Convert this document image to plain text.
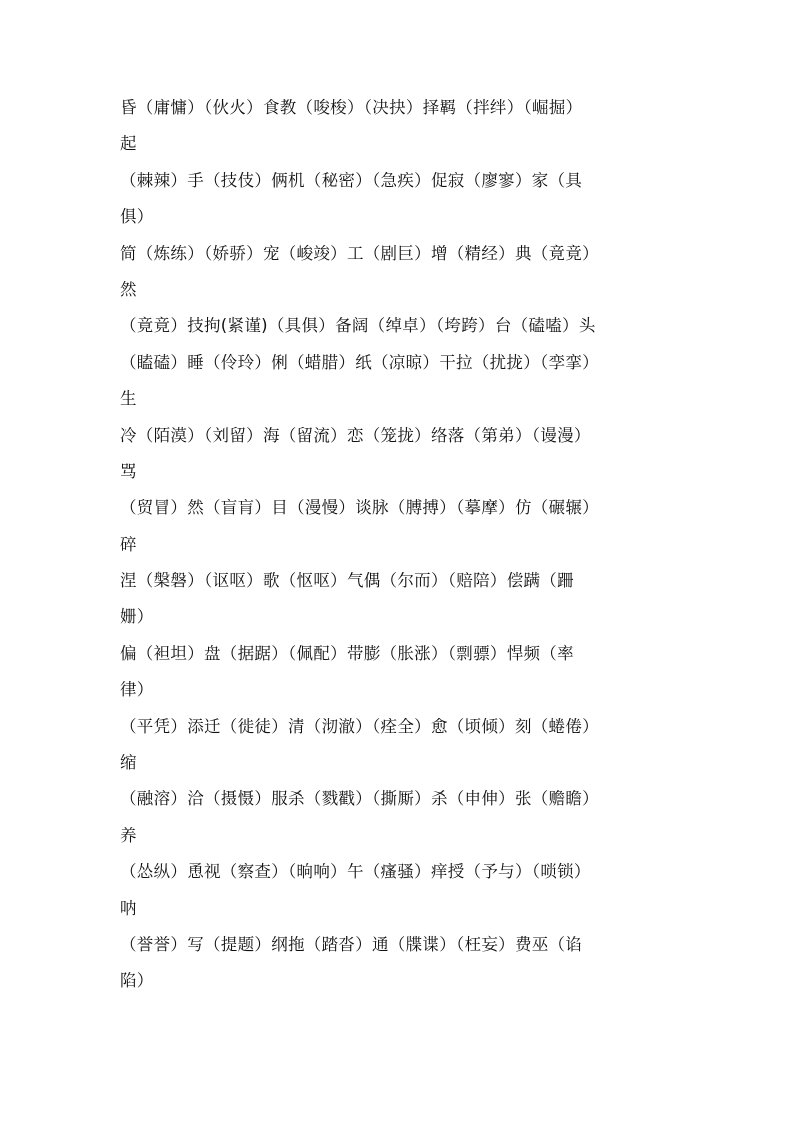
昏（庸慵）（伙火）食教（唆梭）（决抉）择羁（拌绊）（崛掘）
起
（棘辣）手（技伎）俩机（秘密）（急疾）促寂（廖寥）家（具
俱）
简（炼练）（娇骄）宠（峻竣）工（剧巨）增（精经）典（竟竟）
然
（竟竟）技拘(紧谨)（具俱）备阔（绰卓）（垮跨）台（磕嗑）头
（瞌磕）睡（伶玲）俐（蜡腊）纸（凉晾）干拉（扰拢）（孪挛）
生
冷（陌漠）（刘留）海（留流）恋（笼拢）络落（第弟）（谩漫）
骂
（贸冒）然（盲肓）目（漫慢）谈脉（膊搏）（摹摩）仿（碾辗）
碎
涅（槃磐）（讴呕）歌（怄呕）气偶（尔而）（赔陪）偿蹒（跚
姗）
偏（袒坦）盘（据踞）（佩配）带膨（胀涨）（剽骠）悍频（率
律）
（平凭）添迁（徙徒）清（沏澈）（痊全）愈（顷倾）刻（蜷倦）
缩
（融溶）洽（摄慑）服杀（戮戳）（撕厮）杀（申伸）张（赡瞻）
养
（怂纵）恿视（察查）（晌响）午（瘙骚）痒授（予与）（唢锁）
呐
（誉誉）写（提题）纲拖（踏沓）通（牒谍）（枉妄）费巫（谄
陷）
